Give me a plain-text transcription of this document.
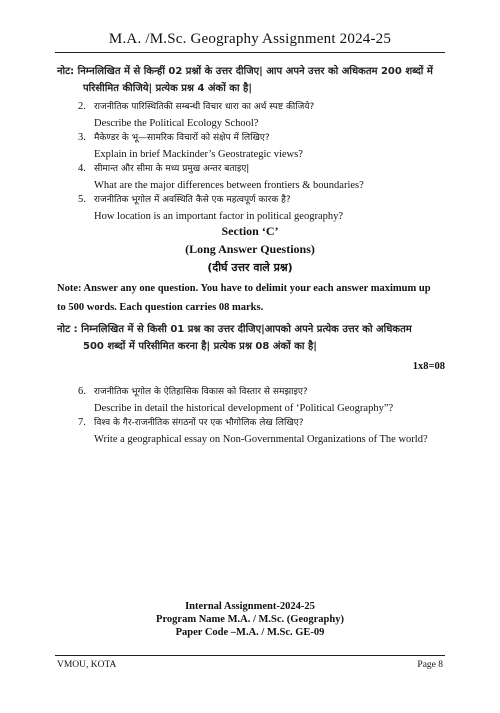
M.A. /M.Sc. Geography Assignment 2024-25
नोट: निम्नलिखित में से किन्हीं 02 प्रश्नों के उत्तर दीजिए| आप अपने उत्तर को अधिकतम 200 शब्दों में
परिसीमित कीजिये| प्रत्येक प्रश्न 4 अंकों का है|
2. राजनीतिक पारिस्थितिकी सम्बन्धी विचार धारा का अर्थ स्पष्ट कीजिये?
Describe the Political Ecology School?
3. मैकेण्डर के भू—सामरिक विचारों को संक्षेप में लिखिए?
Explain in brief Mackinder’s Geostrategic views?
4. सीमान्त और सीमा के मध्य प्रमुख अन्तर बताइए|
What are the major differences between frontiers & boundaries?
5. राजनीतिक भूगोल में अवस्थिति कैसे एक महत्वपूर्ण कारक है?
How location is an important factor in political geography?
Section ‘C’
(Long Answer Questions)
(दीर्घ उत्तर वाले प्रश्न)
Note: Answer any one question. You have to delimit your each answer maximum up
to 500 words. Each question carries 08 marks.
नोट : निम्नलिखित में से किसी 01 प्रश्न का उत्तर दीजिए|आपको अपने प्रत्येक उत्तर को अधिकतम
500 शब्दों में परिसीमित करना है| प्रत्येक प्रश्न 08 अंकों का है|
1x8=08
6. राजनीतिक भूगोल के ऐतिहासिक विकास को विस्तार से समझाइए?
Describe in detail the historical development of ‘Political Geography”?
7. विश्व के गैर-राजनीतिक संगठनों पर एक भौगोलिक लेख लिखिए?
Write a geographical essay on Non-Governmental Organizations of The world?
Internal Assignment-2024-25
Program Name M.A. / M.Sc. (Geography)
Paper Code –M.A. / M.Sc. GE-09
VMOU, KOTA	Page 8
